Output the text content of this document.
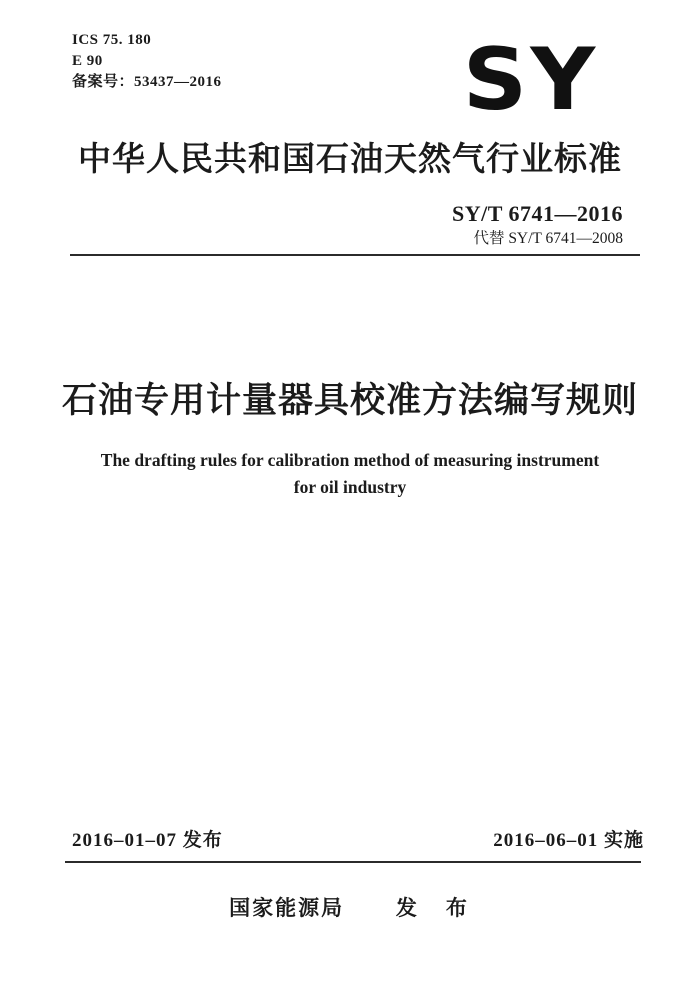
ICS 75. 180
E 90
备案号：53437—2016	SY
中华人民共和国石油天然气行业标准
SY/T 6741—2016
代替 SY/T 6741—2008
石油专用计量器具校准方法编写规则
The drafting rules for calibration method of measuring instrument
for oil industry
2016–01–07 发布	2016–06–01 实施
国家能源局 发　布
